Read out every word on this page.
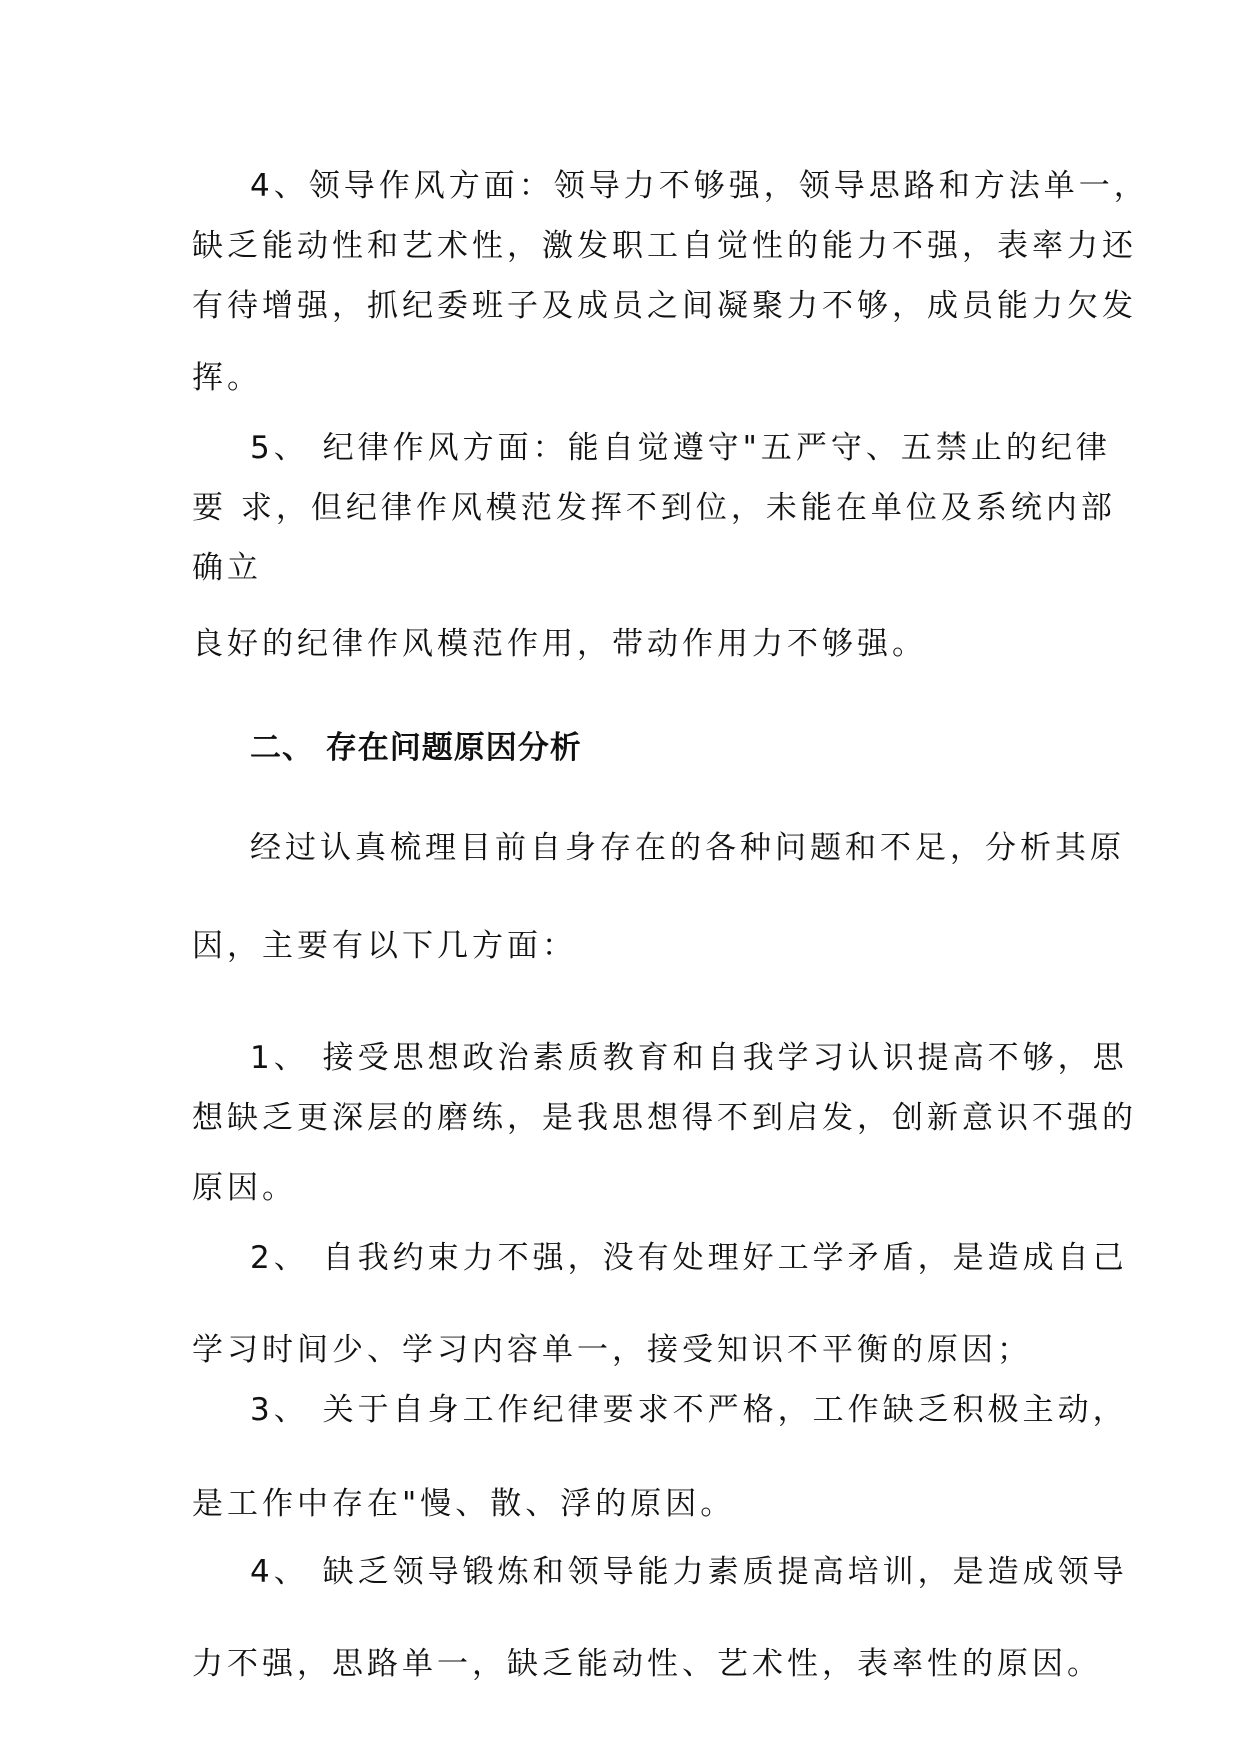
4、领导作风方面：领导力不够强，领导思路和方法单一，
缺乏能动性和艺术性，激发职工自觉性的能力不强，表率力还
有待增强，抓纪委班子及成员之间凝聚力不够，成员能力欠发
挥。
5、 纪律作风方面：能自觉遵守"五严守、五禁止的纪律
要 求，但纪律作风模范发挥不到位，未能在单位及系统内部
确立
良好的纪律作风模范作用，带动作用力不够强。
二、 存在问题原因分析
经过认真梳理目前自身存在的各种问题和不足，分析其原
因，主要有以下几方面：
1、 接受思想政治素质教育和自我学习认识提高不够，思
想缺乏更深层的磨练，是我思想得不到启发，创新意识不强的
原因。
2、 自我约束力不强，没有处理好工学矛盾，是造成自己
学习时间少、学习内容单一，接受知识不平衡的原因；
3、 关于自身工作纪律要求不严格，工作缺乏积极主动，
是工作中存在"慢、散、浮的原因。
4、 缺乏领导锻炼和领导能力素质提高培训，是造成领导
力不强，思路单一，缺乏能动性、艺术性，表率性的原因。
